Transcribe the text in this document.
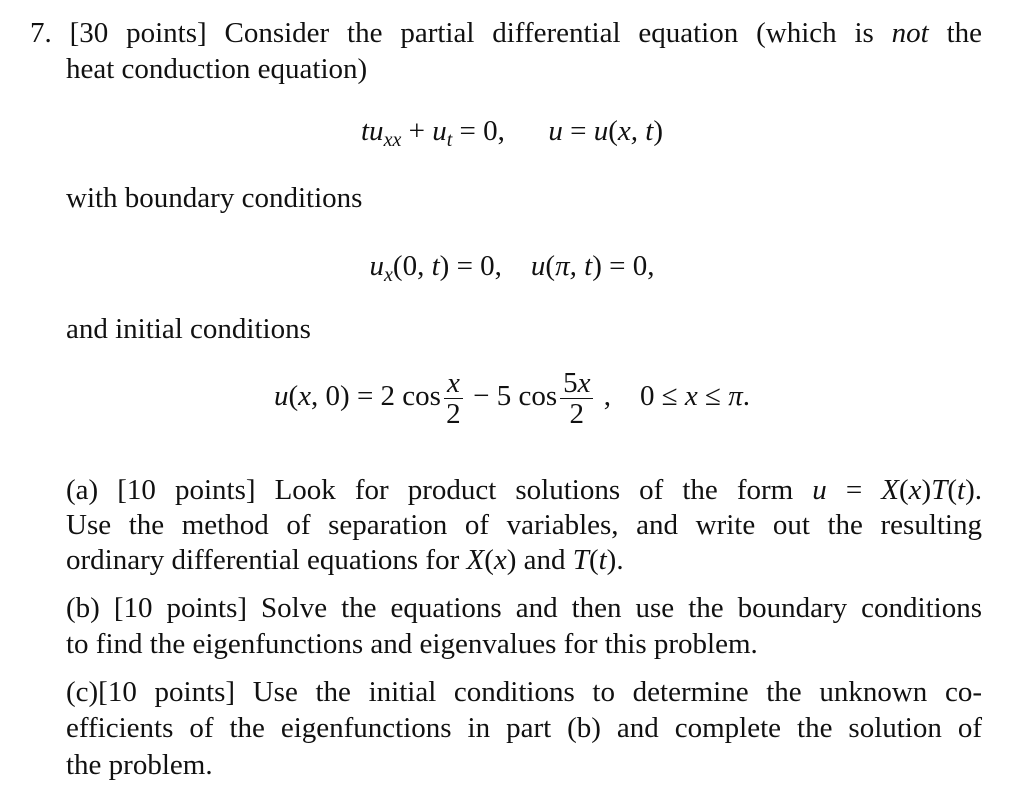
7. [30 points] Consider the partial differential equation (which is not the
heat conduction equation)
$tu_{xx} + u_t = 0$,      u = u(x, t)
with boundary conditions
$u_x(0$, t) = 0,    u(π, t) = 0,
and initial conditions
u(x, 0) = 2 $\cos \frac{x}{2} - 5$ $\cos \frac{5x}{2}$ ,    0 ≤ x ≤ π.
(a) [10 points] Look for product solutions of the form u = X(x)T(t).
Use the method of separation of variables, and write out the resulting
ordinary differential equations for X(x) and T(t).
(b) [10 points] Solve the equations and then use the boundary conditions
to find the eigenfunctions and eigenvalues for this problem.
(c)[10 points] Use the initial conditions to determine the unknown co-
efficients of the eigenfunctions in part (b) and complete the solution of
the problem.
